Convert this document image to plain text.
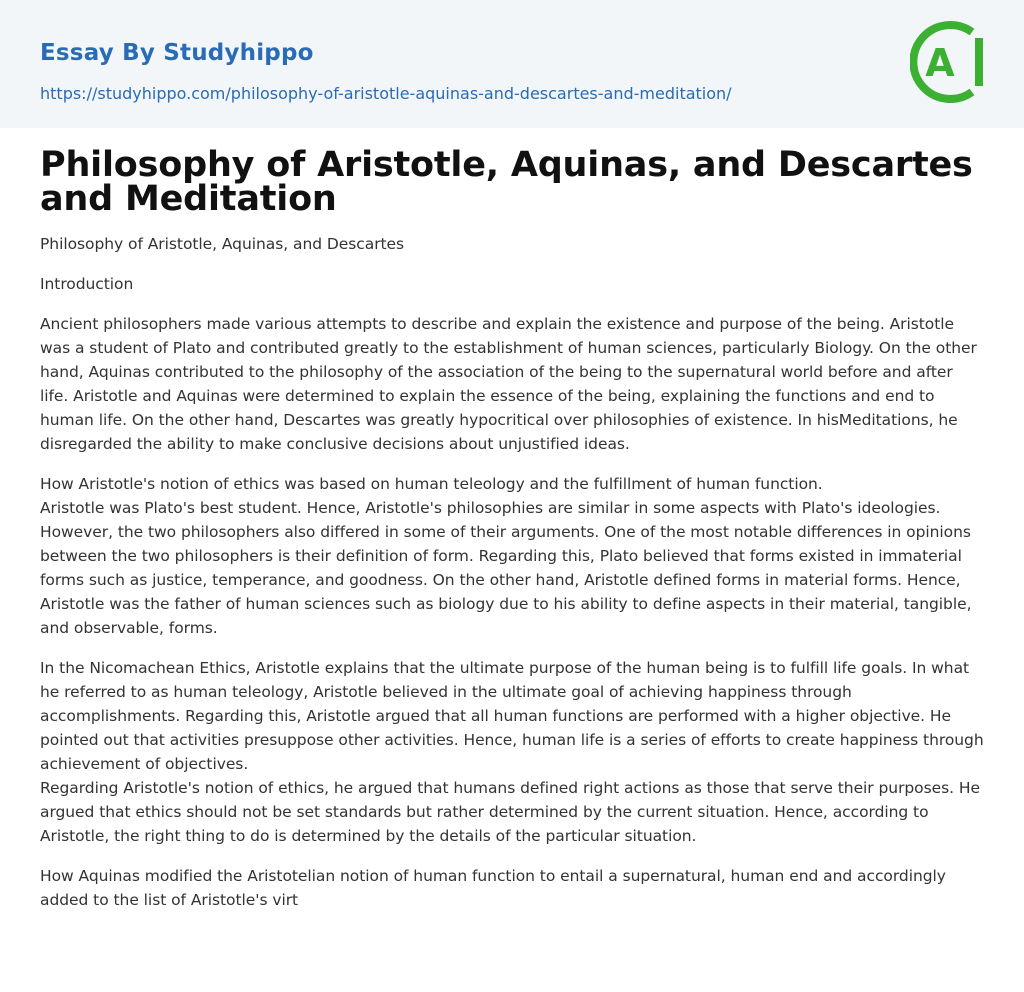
Essay By Studyhippo
https://studyhippo.com/philosophy-of-aristotle-aquinas-and-descartes-and-meditation/
A
Philosophy of Aristotle, Aquinas, and Descartes and Meditation

Philosophy of Aristotle, Aquinas, and Descartes

Introduction

Ancient philosophers made various attempts to describe and explain the existence and purpose of the being. Aristotle was a student of Plato and contributed greatly to the establishment of human sciences, particularly Biology. On the other hand, Aquinas contributed to the philosophy of the association of the being to the supernatural world before and after life. Aristotle and Aquinas were determined to explain the essence of the being, explaining the functions and end to human life. On the other hand, Descartes was greatly hypocritical over philosophies of existence. In hisMeditations, he disregarded the ability to make conclusive decisions about unjustified ideas.

How Aristotle's notion of ethics was based on human teleology and the fulfillment of human function.

Aristotle was Plato's best student. Hence, Aristotle's philosophies are similar in some aspects with Plato's ideologies. However, the two philosophers also differed in some of their arguments. One of the most notable differences in opinions between the two philosophers is their definition of form. Regarding this, Plato believed that forms existed in immaterial forms such as justice, temperance, and goodness. On the other hand, Aristotle defined forms in material forms. Hence, Aristotle was the father of human sciences such as biology due to his ability to define aspects in their material, tangible, and observable, forms.

In the Nicomachean Ethics, Aristotle explains that the ultimate purpose of the human being is to fulfill life goals. In what he referred to as human teleology, Aristotle believed in the ultimate goal of achieving happiness through accomplishments. Regarding this, Aristotle argued that all human functions are performed with a higher objective. He pointed out that activities presuppose other activities. Hence, human life is a series of efforts to create happiness through achievement of objectives.

Regarding Aristotle's notion of ethics, he argued that humans defined right actions as those that serve their purposes. He argued that ethics should not be set standards but rather determined by the current situation. Hence, according to Aristotle, the right thing to do is determined by the details of the particular situation.

How Aquinas modified the Aristotelian notion of human function to entail a supernatural, human end and accordingly added to the list of Aristotle's virt
